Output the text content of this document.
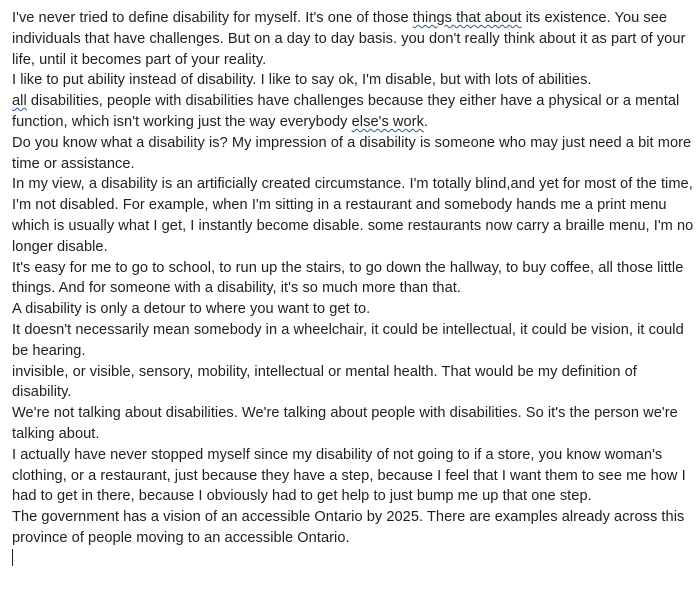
I've never tried to define disability for myself. It's one of those things that about its existence. You see individuals that have challenges. But on a day to day basis. you don't really think about it as part of your life, until it becomes part of your reality.

I like to put ability instead of disability. I like to say ok, I'm disable, but with lots of abilities.

all disabilities, people with disabilities have challenges because they either have a physical or a mental function, which isn't working just the way everybody else's work.

Do you know what a disability is? My impression of a disability is someone who may just need a bit more time or assistance.

In my view, a disability is an artificially created circumstance. I'm totally blind,and yet for most of the time, I'm not disabled. For example, when I'm sitting in a restaurant and somebody hands me a print menu which is usually what I get, I instantly become disable. some restaurants now carry a braille menu, I'm no longer disable.

It's easy for me to go to school, to run up the stairs, to go down the hallway, to buy coffee, all those little things. And for someone with a disability, it's so much more than that.

A disability is only a detour to where you want to get to.

It doesn't necessarily mean somebody in a wheelchair, it could be intellectual, it could be vision, it could be hearing.

invisible, or visible, sensory, mobility, intellectual or mental health. That would be my definition of disability.

We're not talking about disabilities. We're talking about people with disabilities. So it's the person we're talking about.

I actually have never stopped myself since my disability of not going to if a store, you know woman's clothing, or a restaurant, just because they have a step, because I feel that I want them to see me how I had to get in there, because I obviously had to get help to just bump me up that one step.

The government has a vision of an accessible Ontario by 2025. There are examples already across this province of people moving to an accessible Ontario.
